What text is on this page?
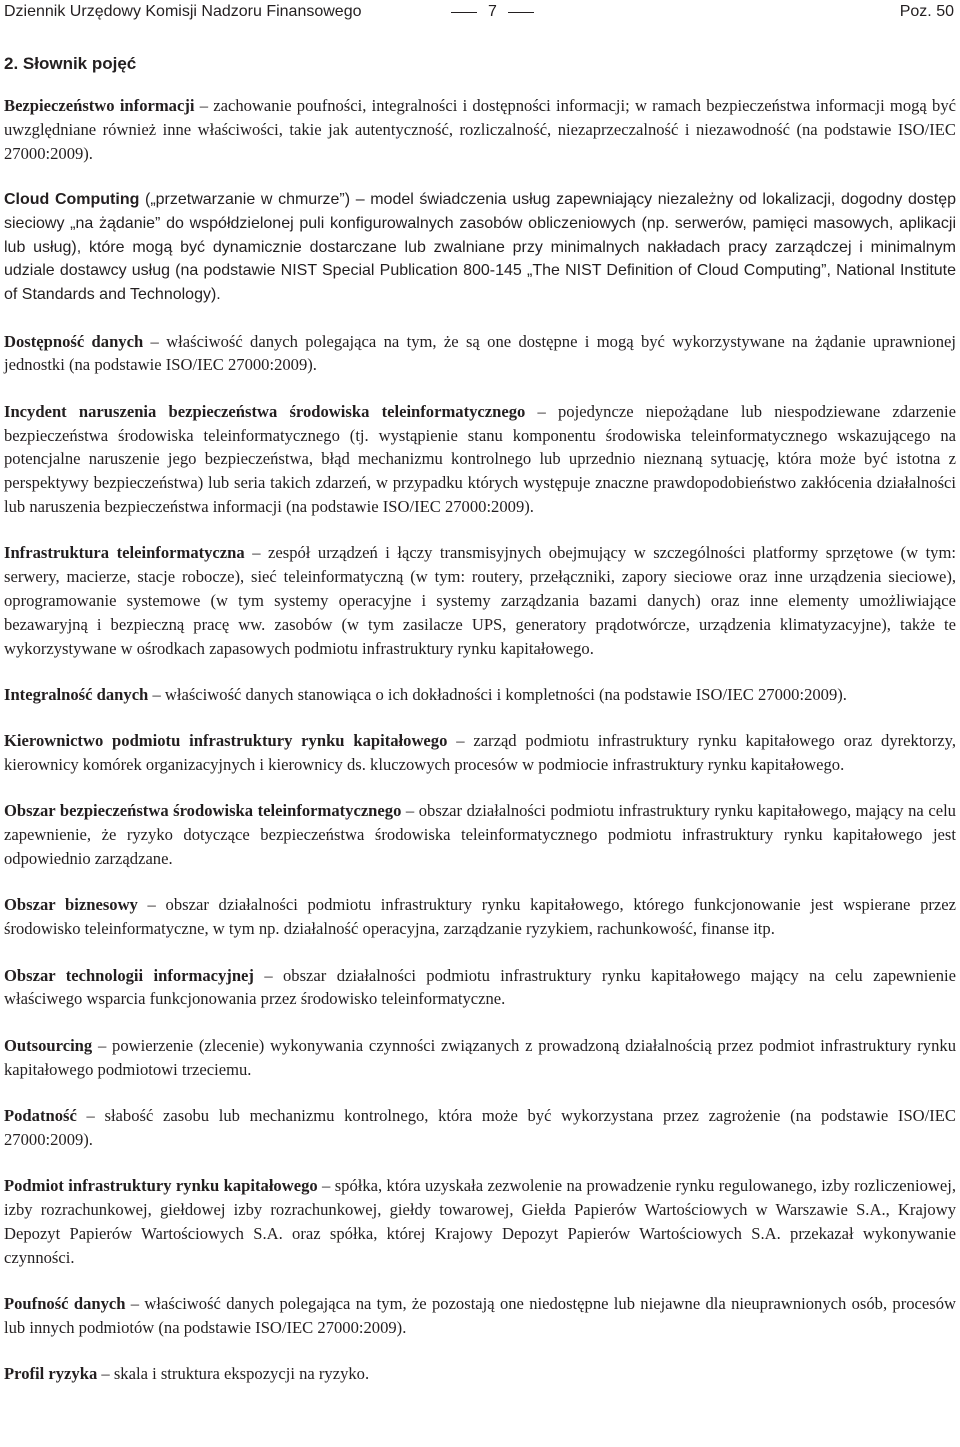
Dziennik Urzędowy Komisji Nadzoru Finansowego	7	Poz. 50
2. Słownik pojęć

Bezpieczeństwo informacji – zachowanie poufności, integralności i dostępności informacji; w ramach bezpieczeństwa informacji mogą być uwzględniane również inne właściwości, takie jak autentyczność, rozliczalność, niezaprzeczalność i niezawodność (na podstawie ISO/IEC 27000:2009).

Cloud Computing („przetwarzanie w chmurze”) – model świadczenia usług zapewniający niezależny od lokalizacji, dogodny dostęp sieciowy „na żądanie” do współdzielonej puli konfigurowalnych zasobów obliczeniowych (np. serwerów, pamięci masowych, aplikacji lub usług), które mogą być dynamicznie dostarczane lub zwalniane przy minimalnych nakładach pracy zarządczej i minimalnym udziale dostawcy usług (na podstawie NIST Special Publication 800-145 „The NIST Definition of Cloud Computing”, National Institute of Standards and Technology).

Dostępność danych – właściwość danych polegająca na tym, że są one dostępne i mogą być wykorzystywane na żądanie uprawnionej jednostki (na podstawie ISO/IEC 27000:2009).

Incydent naruszenia bezpieczeństwa środowiska teleinformatycznego – pojedyncze niepożądane lub niespodziewane zdarzenie bezpieczeństwa środowiska teleinformatycznego (tj. wystąpienie stanu komponentu środowiska teleinformatycznego wskazującego na potencjalne naruszenie jego bezpieczeństwa, błąd mechanizmu kontrolnego lub uprzednio nieznaną sytuację, która może być istotna z perspektywy bezpieczeństwa) lub seria takich zdarzeń, w przypadku których występuje znaczne prawdopodobieństwo zakłócenia działalności lub naruszenia bezpieczeństwa informacji (na podstawie ISO/IEC 27000:2009).

Infrastruktura teleinformatyczna – zespół urządzeń i łączy transmisyjnych obejmujący w szczególności platformy sprzętowe (w tym: serwery, macierze, stacje robocze), sieć teleinformatyczną (w tym: routery, przełączniki, zapory sieciowe oraz inne urządzenia sieciowe), oprogramowanie systemowe (w tym systemy operacyjne i systemy zarządzania bazami danych) oraz inne elementy umożliwiające bezawaryjną i bezpieczną pracę ww. zasobów (w tym zasilacze UPS, generatory prądotwórcze, urządzenia klimatyzacyjne), także te wykorzystywane w ośrodkach zapasowych podmiotu infrastruktury rynku kapitałowego.

Integralność danych – właściwość danych stanowiąca o ich dokładności i kompletności (na podstawie ISO/IEC 27000:2009).

Kierownictwo podmiotu infrastruktury rynku kapitałowego – zarząd podmiotu infrastruktury rynku kapitałowego oraz dyrektorzy, kierownicy komórek organizacyjnych i kierownicy ds. kluczowych procesów w podmiocie infrastruktury rynku kapitałowego.

Obszar bezpieczeństwa środowiska teleinformatycznego – obszar działalności podmiotu infrastruktury rynku kapitałowego, mający na celu zapewnienie, że ryzyko dotyczące bezpieczeństwa środowiska teleinformatycznego podmiotu infrastruktury rynku kapitałowego jest odpowiednio zarządzane.

Obszar biznesowy – obszar działalności podmiotu infrastruktury rynku kapitałowego, którego funkcjonowanie jest wspierane przez środowisko teleinformatyczne, w tym np. działalność operacyjna, zarządzanie ryzykiem, rachunkowość, finanse itp.

Obszar technologii informacyjnej – obszar działalności podmiotu infrastruktury rynku kapitałowego mający na celu zapewnienie właściwego wsparcia funkcjonowania przez środowisko teleinformatyczne.

Outsourcing – powierzenie (zlecenie) wykonywania czynności związanych z prowadzoną działalnością przez podmiot infrastruktury rynku kapitałowego podmiotowi trzeciemu.

Podatność – słabość zasobu lub mechanizmu kontrolnego, która może być wykorzystana przez zagrożenie (na podstawie ISO/IEC 27000:2009).

Podmiot infrastruktury rynku kapitałowego – spółka, która uzyskała zezwolenie na prowadzenie rynku regulowanego, izby rozliczeniowej, izby rozrachunkowej, giełdowej izby rozrachunkowej, giełdy towarowej, Giełda Papierów Wartościowych w Warszawie S.A., Krajowy Depozyt Papierów Wartościowych S.A. oraz spółka, której Krajowy Depozyt Papierów Wartościowych S.A. przekazał wykonywanie czynności.

Poufność danych – właściwość danych polegająca na tym, że pozostają one niedostępne lub niejawne dla nieuprawnionych osób, procesów lub innych podmiotów (na podstawie ISO/IEC 27000:2009).

Profil ryzyka – skala i struktura ekspozycji na ryzyko.
